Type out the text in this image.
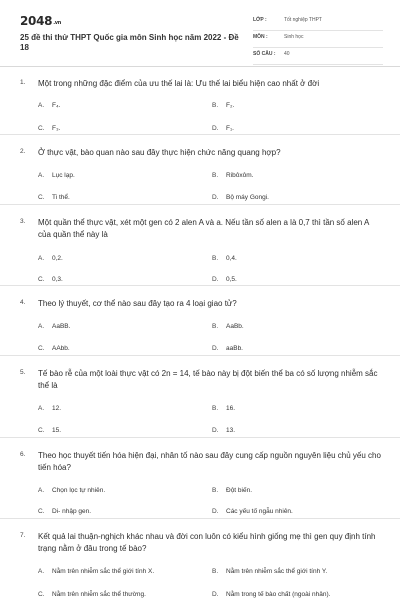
$2048^{.vn}$
25 đề thi thử THPT Quốc gia môn Sinh học năm 2022 - Đề 18
LỚP :	Tốt nghiệp THPT
MÔN :	Sinh học
SỐ CÂU : 40
1. Một trong những đặc điểm của ưu thế lai là: Ưu thế lai biểu hiện cao nhất ở đời
A. F₄.	B. F₂.
C. F₃.	D. F₁.
2. Ở thực vật, bào quan nào sau đây thực hiện chức năng quang hợp?
A. Lục lạp.	B. Ribôxôm.
C. Ti thể.	D. Bộ máy Gongi.
3. Một quần thể thực vật, xét một gen có 2 alen A và a. Nếu tần số alen a là 0,7 thì tần số alen A của quần thể này là
A. 0,2.	B. 0,4.
C. 0,3.	D. 0,5.
4. Theo lý thuyết, cơ thể nào sau đây tạo ra 4 loại giao tử?
A. AaBB.	B. AaBb.
C. AAbb.	D. aaBb.
5. Tế bào rễ của một loài thực vật có 2n = 14, tế bào này bị đột biến thể ba có số lượng nhiễm sắc thể là
A. 12.	B. 16.
C. 15.	D. 13.
6. Theo học thuyết tiến hóa hiện đại, nhân tố nào sau đây cung cấp nguồn nguyên liệu chủ yếu cho tiến hóa?
A. Chọn lọc tự nhiên.	B. Đột biến.
C. Di- nhập gen.	D. Các yếu tố ngẫu nhiên.
7. Kết quả lai thuận-nghịch khác nhau và đời con luôn có kiểu hình giống mẹ thì gen quy định tính trạng nằm ở đâu trong tế bào?
A. Nằm trên nhiễm sắc thể giới tính X.	B. Nằm trên nhiễm sắc thể giới tính Y.
C. Nằm trên nhiễm sắc thể thường.	D. Nằm trong tế bào chất (ngoài nhân).
